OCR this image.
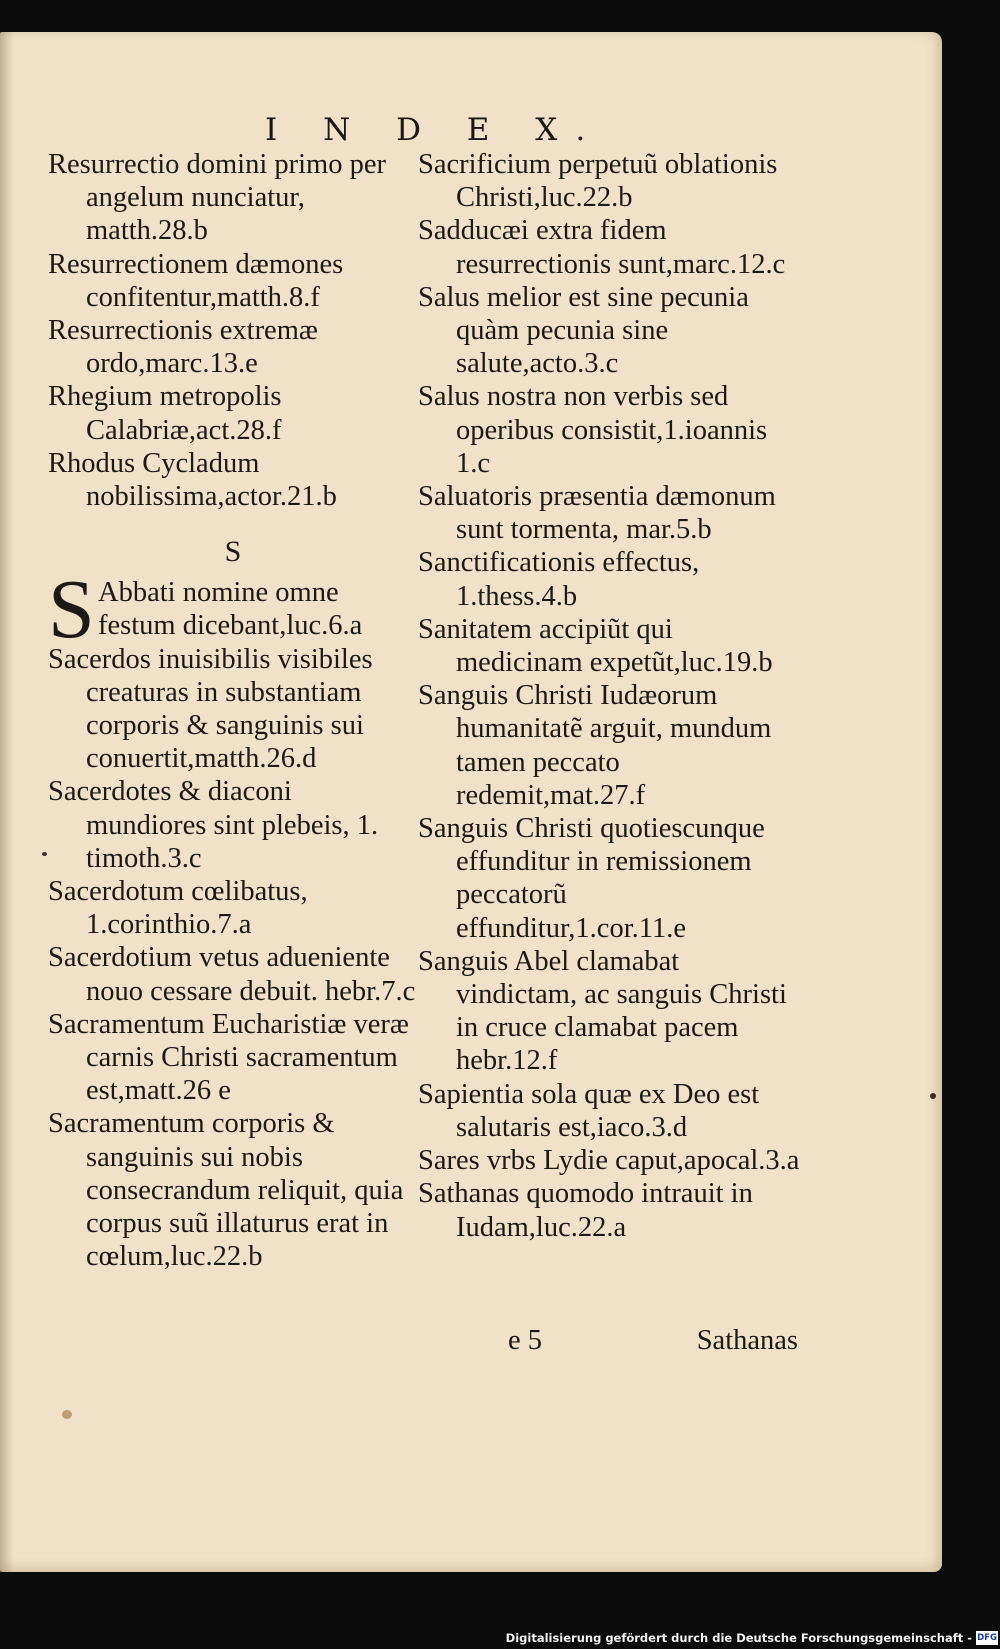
I N D E X.

Resurrectio domini primo per angelum nunciatur, matth.28.b

Resurrectionem dæmones confitentur,matth.8.f

Resurrectionis extremæ ordo,marc.13.e

Rhegium metropolis Calabriæ,act.28.f

Rhodus Cycladum nobilissima,actor.21.b

S

S Abbati nomine omne festum dicebant,luc.6.a

Sacerdos inuisibilis visibiles creaturas in substantiam corporis & sanguinis sui conuertit,matth.26.d

Sacerdotes & diaconi mundiores sint plebeis, 1. timoth.3.c

Sacerdotum cœlibatus, 1.corinthio.7.a

Sacerdotium vetus adueniente nouo cessare debuit. hebr.7.c

Sacramentum Eucharistiæ veræ carnis Christi sacramentum est,matt.26 e

Sacramentum corporis & sanguinis sui nobis consecrandum reliquit, quia corpus suũ illaturus erat in cœlum,luc.22.b

Sacrificium perpetuũ oblationis Christi,luc.22.b

Sadducæi extra fidem resurrectionis sunt,marc.12.c

Salus melior est sine pecunia quàm pecunia sine salute,acto.3.c

Salus nostra non verbis sed operibus consistit,1.ioannis 1.c

Saluatoris præsentia dæmonum sunt tormenta, mar.5.b

Sanctificationis effectus, 1.thess.4.b

Sanitatem accipiũt qui medicinam expetũt,luc.19.b

Sanguis Christi Iudæorum humanitatẽ arguit, mundum tamen peccato redemit,mat.27.f

Sanguis Christi quotiescunque effunditur in remissionem peccatorũ effunditur,1.cor.11.e

Sanguis Abel clamabat vindictam, ac sanguis Christi in cruce clamabat pacem hebr.12.f

Sapientia sola quæ ex Deo est salutaris est,iaco.3.d

Sares vrbs Lydie caput,apocal.3.a

Sathanas quomodo intrauit in Iudam,luc.22.a

e 5	Sathanas
Digitalisierung gefördert durch die Deutsche Forschungsgemeinschaft - DFG
